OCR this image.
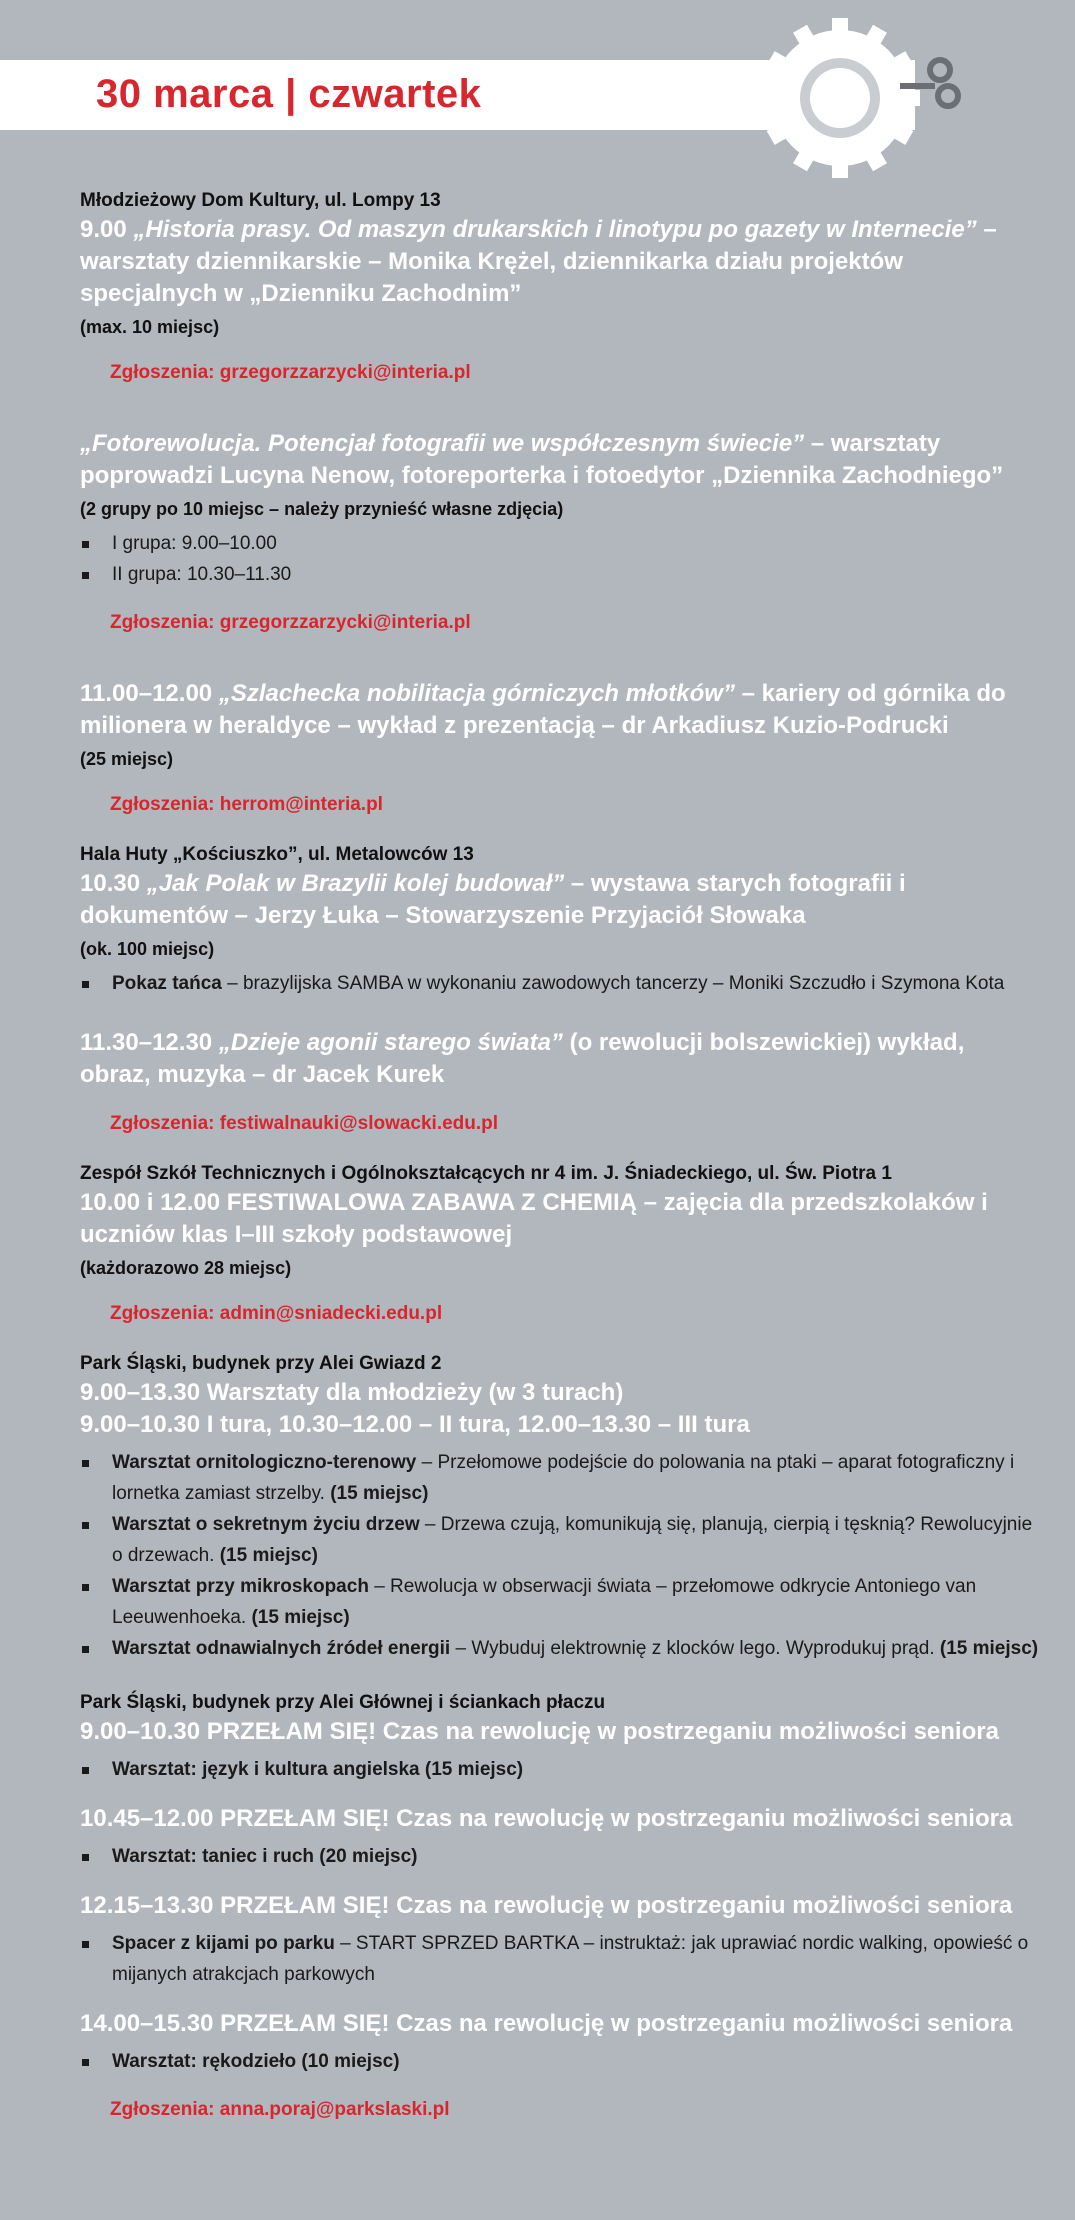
30 marca | czwartek

Młodzieżowy Dom Kultury, ul. Lompy 13

9.00 „Historia prasy. Od maszyn drukarskich i linotypu po gazety w Internecie” – warsztaty dziennikarskie – Monika Krężel, dziennikarka działu projektów specjalnych w „Dzienniku Zachodnim”

(max. 10 miejsc)

Zgłoszenia: grzegorzzarzycki@interia.pl

„Fotorewolucja. Potencjał fotografii we współczesnym świecie” – warsztaty poprowadzi Lucyna Nenow, fotoreporterka i fotoedytor „Dziennika Zachodniego”

(2 grupy po 10 miejsc – należy przynieść własne zdjęcia)

I grupa: 9.00–10.00
II grupa: 10.30–11.30

Zgłoszenia: grzegorzzarzycki@interia.pl

11.00–12.00 „Szlachecka nobilitacja górniczych młotków” – kariery od górnika do milionera w heraldyce – wykład z prezentacją – dr Arkadiusz Kuzio-Podrucki

(25 miejsc)

Zgłoszenia: herrom@interia.pl

Hala Huty „Kościuszko”, ul. Metalowców 13

10.30 „Jak Polak w Brazylii kolej budował” – wystawa starych fotografii i dokumentów – Jerzy Łuka – Stowarzyszenie Przyjaciół Słowaka

(ok. 100 miejsc)

Pokaz tańca – brazylijska SAMBA w wykonaniu zawodowych tancerzy – Moniki Szczudło i Szymona Kota

11.30–12.30 „Dzieje agonii starego świata” (o rewolucji bolszewickiej) wykład, obraz, muzyka – dr Jacek Kurek

Zgłoszenia: festiwalnauki@slowacki.edu.pl

Zespół Szkół Technicznych i Ogólnokształcących nr 4 im. J. Śniadeckiego, ul. Św. Piotra 1

10.00 i 12.00 FESTIWALOWA ZABAWA Z CHEMIĄ – zajęcia dla przedszkolaków i uczniów klas I–III szkoły podstawowej

(każdorazowo 28 miejsc)

Zgłoszenia: admin@sniadecki.edu.pl

Park Śląski, budynek przy Alei Gwiazd 2

9.00–13.30 Warsztaty dla młodzieży (w 3 turach)

9.00–10.30 I tura, 10.30–12.00 – II tura, 12.00–13.30 – III tura

Warsztat ornitologiczno-terenowy – Przełomowe podejście do polowania na ptaki – aparat fotograficzny i lornetka zamiast strzelby. (15 miejsc)
Warsztat o sekretnym życiu drzew – Drzewa czują, komunikują się, planują, cierpią i tęsknią? Rewolucyjnie o drzewach. (15 miejsc)
Warsztat przy mikroskopach – Rewolucja w obserwacji świata – przełomowe odkrycie Antoniego van Leeuwenhoeka. (15 miejsc)
Warsztat odnawialnych źródeł energii – Wybuduj elektrownię z klocków lego. Wyprodukuj prąd. (15 miejsc)

Park Śląski, budynek przy Alei Głównej i ściankach płaczu

9.00–10.30 PRZEŁAM SIĘ! Czas na rewolucję w postrzeganiu możliwości seniora

Warsztat: język i kultura angielska (15 miejsc)

10.45–12.00 PRZEŁAM SIĘ! Czas na rewolucję w postrzeganiu możliwości seniora

Warsztat: taniec i ruch (20 miejsc)

12.15–13.30 PRZEŁAM SIĘ! Czas na rewolucję w postrzeganiu możliwości seniora

Spacer z kijami po parku – START SPRZED BARTKA – instruktaż: jak uprawiać nordic walking, opowieść o mijanych atrakcjach parkowych

14.00–15.30 PRZEŁAM SIĘ! Czas na rewolucję w postrzeganiu możliwości seniora

Warsztat: rękodzieło (10 miejsc)

Zgłoszenia: anna.poraj@parkslaski.pl
